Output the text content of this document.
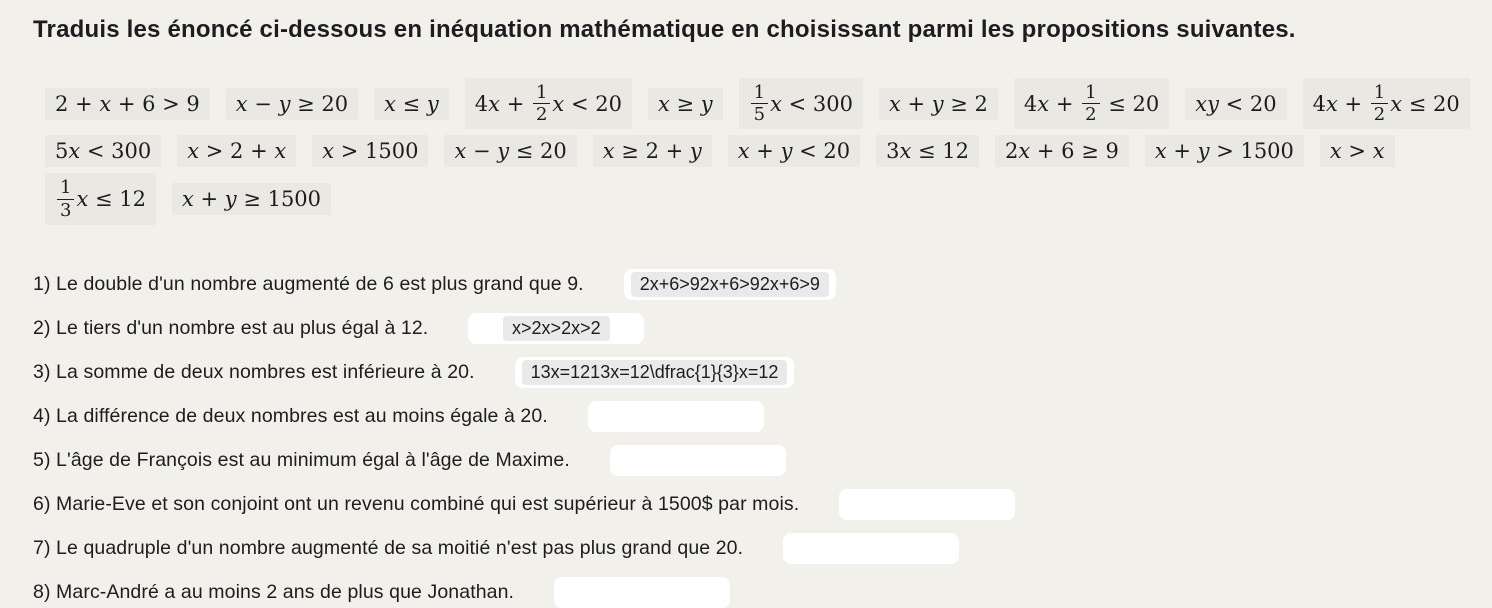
Traduis les énoncé ci-dessous en inéquation mathématique en choisissant parmi les propositions suivantes.
2 + x + 6 > 9	x − y ≥ 20	x ≤ y	4 $x + \frac{1}{2}$ x < 20	x ≥ y $\frac{1}{5}$ x < 300	x + y ≥ 2	4 $x + \frac{1}{2} \le 20$	x y < 20	4 $x + \frac{1}{2}$ x ≤ 20
5 x < 300	x > 2 + x x > 1500	x − y ≤ 20	x ≥ 2 + y x + y < 20	3 x ≤ 12	2 x + 6 ≥ 9	x + y > 1500	x > x
$\frac{1}{3}$ x ≤ 12	x + y ≥ 1500
1) Le double d'un nombre augmenté de 6 est plus grand que 9.	2x+6>92x+6>92x+6>9
2) Le tiers d'un nombre est au plus égal à 12.	x>2x>2x>2
3) La somme de deux nombres est inférieure à 20.	13x=1213x=12\dfrac{1}{3}x=12
4) La différence de deux nombres est au moins égale à 20.
5) L'âge de François est au minimum égal à l'âge de Maxime.
6) Marie-Eve et son conjoint ont un revenu combiné qui est supérieur à 1500$ par mois.
7) Le quadruple d'un nombre augmenté de sa moitié n'est pas plus grand que 20.
8) Marc-André a au moins 2 ans de plus que Jonathan.
